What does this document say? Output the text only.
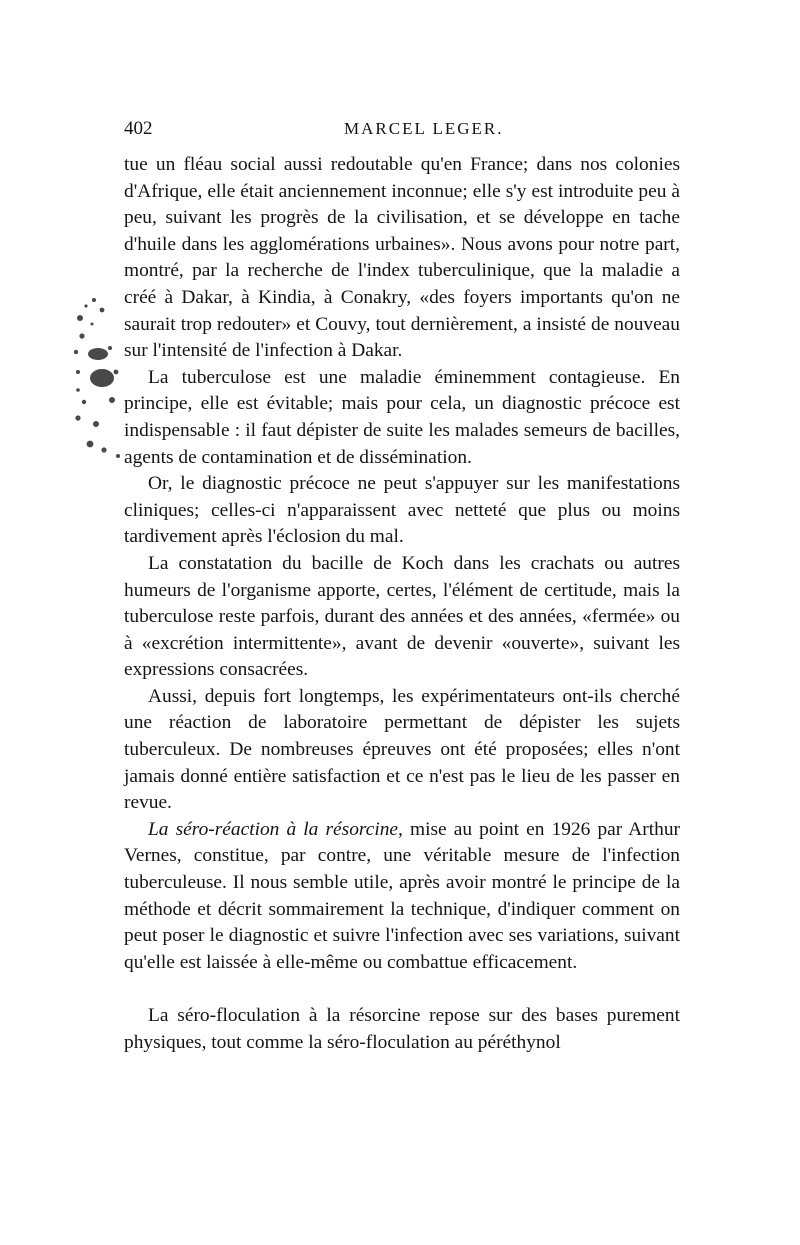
402	MARCEL LEGER.

tue un fléau social aussi redoutable qu'en France; dans nos colonies d'Afrique, elle était anciennement inconnue; elle s'y est introduite peu à peu, suivant les progrès de la civilisation, et se développe en tache d'huile dans les agglomérations urbaines». Nous avons pour notre part, montré, par la recherche de l'index tuberculinique, que la maladie a créé à Dakar, à Kindia, à Conakry, «des foyers importants qu'on ne saurait trop redouter» et Couvy, tout dernièrement, a insisté de nouveau sur l'intensité de l'infection à Dakar.

La tuberculose est une maladie éminemment contagieuse. En principe, elle est évitable; mais pour cela, un diagnostic précoce est indispensable : il faut dépister de suite les malades semeurs de bacilles, agents de contamination et de dissémination.

Or, le diagnostic précoce ne peut s'appuyer sur les manifestations cliniques; celles-ci n'apparaissent avec netteté que plus ou moins tardivement après l'éclosion du mal.

La constatation du bacille de Koch dans les crachats ou autres humeurs de l'organisme apporte, certes, l'élément de certitude, mais la tuberculose reste parfois, durant des années et des années, «fermée» ou à «excrétion intermittente», avant de devenir «ouverte», suivant les expressions consacrées.

Aussi, depuis fort longtemps, les expérimentateurs ont-ils cherché une réaction de laboratoire permettant de dépister les sujets tuberculeux. De nombreuses épreuves ont été proposées; elles n'ont jamais donné entière satisfaction et ce n'est pas le lieu de les passer en revue.

La séro-réaction à la résorcine, mise au point en 1926 par Arthur Vernes, constitue, par contre, une véritable mesure de l'infection tuberculeuse. Il nous semble utile, après avoir montré le principe de la méthode et décrit sommairement la technique, d'indiquer comment on peut poser le diagnostic et suivre l'infection avec ses variations, suivant qu'elle est laissée à elle-même ou combattue efficacement.

La séro-floculation à la résorcine repose sur des bases purement physiques, tout comme la séro-floculation au péréthynol
